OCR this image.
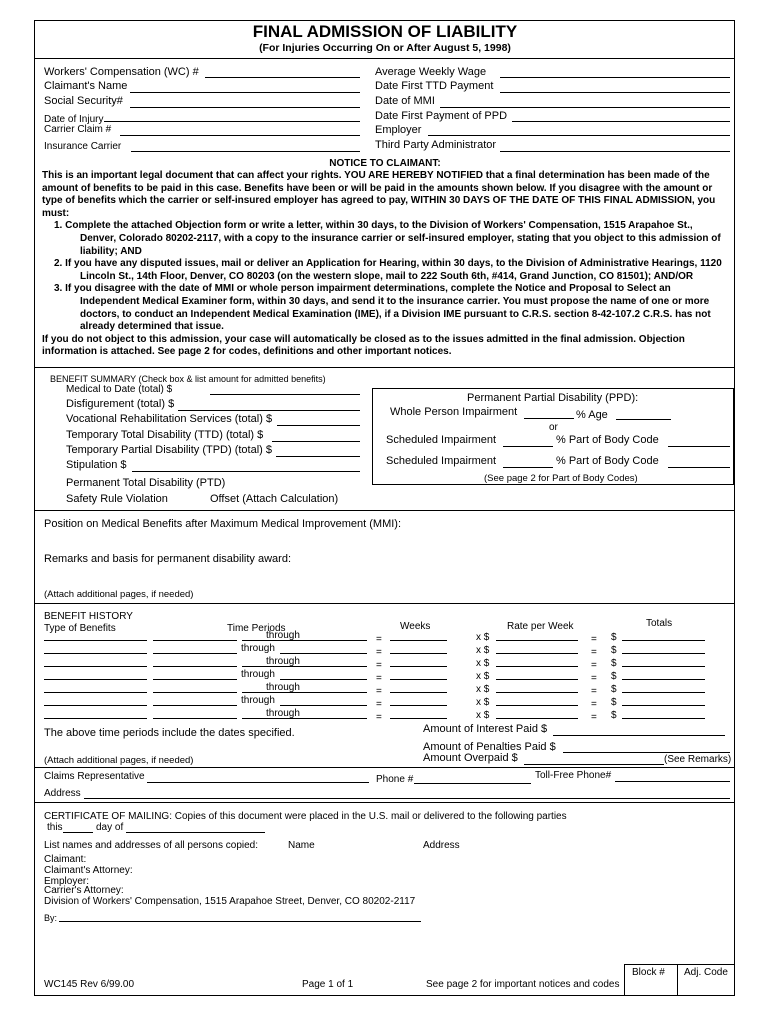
FINAL ADMISSION OF LIABILITY
(For Injuries Occurring On or After August 5, 1998)
Workers' Compensation (WC) #
Claimant's Name
Social Security#
Date of Injury
Carrier Claim #
Insurance Carrier
Average Weekly Wage
Date First TTD Payment
Date of MMI
Date First Payment of PPD
Employer
Third Party Administrator
NOTICE TO CLAIMANT:

This is an important legal document that can affect your rights. YOU ARE HEREBY NOTIFIED that a final determination has been made of the amount of benefits to be paid in this case. Benefits have been or will be paid in the amounts shown below. If you disagree with the amount or type of benefits which the carrier or self-insured employer has agreed to pay, WITHIN 30 DAYS OF THE DATE OF THIS FINAL ADMISSION, you must:

1. Complete the attached Objection form or write a letter, within 30 days, to the Division of Workers' Compensation, 1515 Arapahoe St.,

Denver, Colorado 80202-2117, with a copy to the insurance carrier or self-insured employer, stating that you object to this admission of liability; AND

2. If you have any disputed issues, mail or deliver an Application for Hearing, within 30 days, to the Division of Administrative Hearings, 1120

Lincoln St., 14th Floor, Denver, CO 80203 (on the western slope, mail to 222 South 6th, #414, Grand Junction, CO 81501); AND/OR

3. If you disagree with the date of MMI or whole person impairment determinations, complete the Notice and Proposal to Select an

Independent Medical Examiner form, within 30 days, and send it to the insurance carrier. You must propose the name of one or more doctors, to conduct an Independent Medical Examination (IME), if a Division IME pursuant to C.R.S. section 8-42-107.2 C.R.S. has not already determined that issue.

If you do not object to this admission, your case will automatically be closed as to the issues admitted in the final admission. Objection information is attached. See page 2 for codes, definitions and other important notices.

BENEFIT SUMMARY (Check box & list amount for admitted benefits)
Medical to Date (total) $
Disfigurement (total) $
Vocational Rehabilitation Services (total) $
Temporary Total Disability (TTD) (total) $
Temporary Partial Disability (TPD) (total) $
Stipulation $
Permanent Total Disability (PTD)
Safety Rule Violation	Offset (Attach Calculation)
Permanent Partial Disability (PPD):
Whole Person Impairment	% Age
or
Scheduled Impairment	% Part of Body Code
Scheduled Impairment	% Part of Body Code
(See page 2 for Part of Body Codes)
Position on Medical Benefits after Maximum Medical Improvement (MMI):
Remarks and basis for permanent disability award:
(Attach additional pages, if needed)
BENEFIT HISTORY
Type of Benefits	Time Periods	Weeks	Rate per Week	Totals
through	=	x $	= $
through	=	x $	= $
through	=	x $	= $
through	=	x $	= $
through	=	x $	= $
through	=	x $	= $
through	=	x $	= $
The above time periods include the dates specified.	Amount of Interest Paid $
Amount of Penalties Paid $
(Attach additional pages, if needed)	Amount Overpaid $	(See Remarks)
Claims Representative	Phone #	Toll-Free Phone#
Address
CERTIFICATE OF MAILING: Copies of this document were placed in the U.S. mail or delivered to the following parties
this	day of
List names and addresses of all persons copied:	Name	Address
Claimant:
Claimant's Attorney:
Employer:
Carrier's Attorney:
Division of Workers' Compensation, 1515 Arapahoe Street, Denver, CO 80202-2117
By:
WC145 Rev 6/99.00	Page 1 of 1	See page 2 for important notices and codes
Block # Adj. Code
